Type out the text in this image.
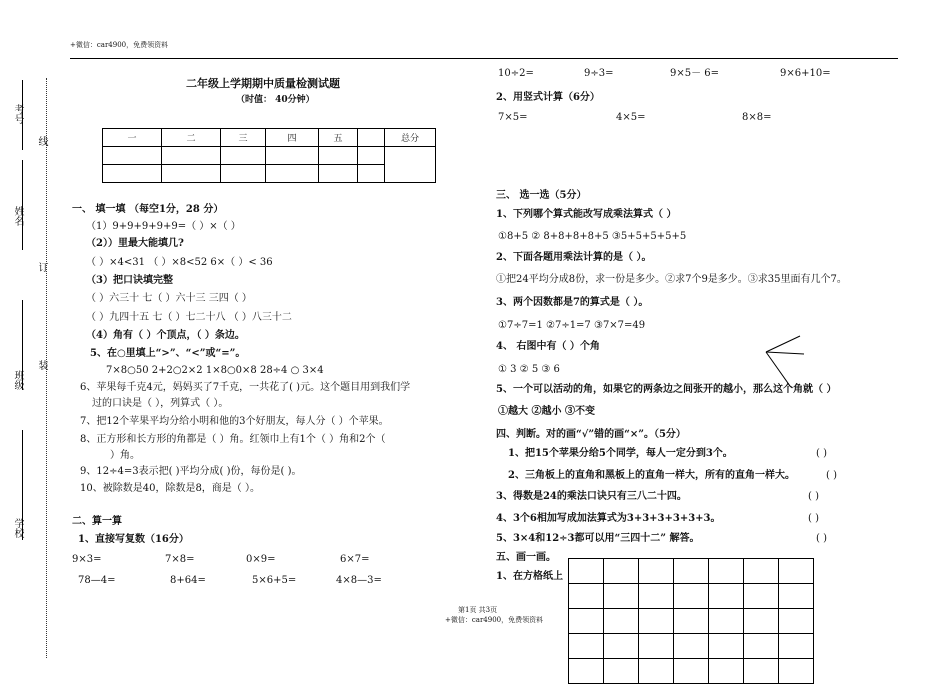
+微信：car4900，免费领资料
考号
线
姓名
订
班级
装
学校
二年级上学期期中质量检测试题
（时值： 40分钟）
一	二	三	四	五		总分

一、 填一填 （每空1分，28 分）
（1）9+9+9+9+9=（ ）×（ ）
（2））里最大能填几?
（ ）×4<31 （ ）×8<52 6×（ ）< 36
（3）把口诀填完整
（ ）六三十 七（ ）六十三 三四（ ）
（ ）九四十五 七（ ）七二十八 （ ）八三十二
（4）角有（ ）个顶点，（ ）条边。
5、在○里填上“>”、“<”或“=”。
7×8○50 2+2○2×2 1×8○0×8 28÷4 ○ 3×4
6、苹果每千克4元，妈妈买了7千克，一共花了( )元。这个题目用到我们学
过的口诀是（ ），列算式（ ）。
7、把12个苹果平均分给小明和他的3个好朋友，每人分（ ）个苹果。
8、正方形和长方形的角都是（ ）角。红领巾上有1个（ ）角和2个（
）角。
9、12÷4=3表示把( )平均分成( )份，每份是( )。
10、被除数是40，除数是8，商是（ ）。
二、算一算
1、直接写复数（16分）
9×3=	7×8=	0×9=	6×7=
78—4=	8+64=	5×6+5=	4×8—3=
10÷2=	9÷3=	9×5－ 6=	9×6+10=
2、用竖式计算（6分）
7×5=	4×5=	8×8=
三、 选一选（5分）
1、下列哪个算式能改写成乘法算式（ ）
①8+5 ② 8+8+8+8+5 ③5+5+5+5+5
2、下面各题用乘法计算的是（ ）。
①把24平均分成8份，求一份是多少。②求7个9是多少。③求35里面有几个7。
3、两个因数都是7的算式是（ ）。
①7÷7=1 ②7÷1=7 ③7×7=49
4、 右图中有（ ）个角
① 3 ② 5 ③ 6
5、一个可以活动的角，如果它的两条边之间张开的越小，那么这个角就（ ）
①越大 ②越小 ③不变
四、判断。对的画“√”错的画“×”。（5分）
1、把15个苹果分给5个同学，每人一定分到3个。	( )
2、三角板上的直角和黑板上的直角一样大，所有的直角一样大。	( )
3、得数是24的乘法口诀只有三八二十四。	( )
4、3个6相加写成加法算式为3+3+3+3+3+3。	( )
5、3×4和12÷3都可以用“三四十二” 解答。	( )
五、画一画。
1、在方格纸上

第1页 共3页
+微信：car4900，免费领资料
